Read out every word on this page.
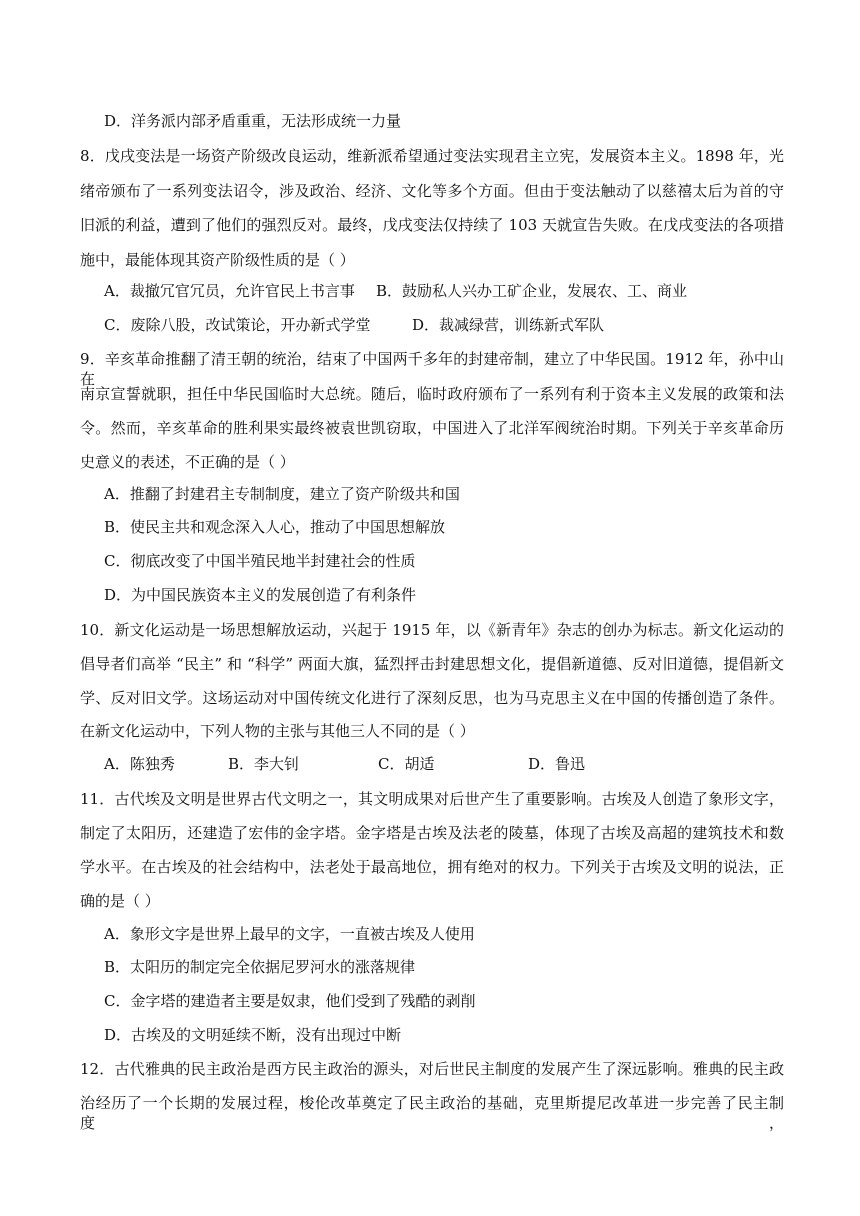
D．洋务派内部矛盾重重，无法形成统一力量
8．戊戌变法是一场资产阶级改良运动，维新派希望通过变法实现君主立宪，发展资本主义。1898 年，光
绪帝颁布了一系列变法诏令，涉及政治、经济、文化等多个方面。但由于变法触动了以慈禧太后为首的守
旧派的利益，遭到了他们的强烈反对。最终，戊戌变法仅持续了 103 天就宣告失败。在戊戌变法的各项措
施中，最能体现其资产阶级性质的是（ ）
A．裁撤冗官冗员，允许官民上书言事 B．鼓励私人兴办工矿企业，发展农、工、商业
C．废除八股，改试策论，开办新式学堂	D．裁减绿营，训练新式军队
9．辛亥革命推翻了清王朝的统治，结束了中国两千多年的封建帝制，建立了中华民国。1912 年，孙中山在
南京宣誓就职，担任中华民国临时大总统。随后，临时政府颁布了一系列有利于资本主义发展的政策和法
令。然而，辛亥革命的胜利果实最终被袁世凯窃取，中国进入了北洋军阀统治时期。下列关于辛亥革命历
史意义的表述，不正确的是（ ）
A．推翻了封建君主专制制度，建立了资产阶级共和国
B．使民主共和观念深入人心，推动了中国思想解放
C．彻底改变了中国半殖民地半封建社会的性质
D．为中国民族资本主义的发展创造了有利条件
10．新文化运动是一场思想解放运动，兴起于 1915 年，以《新青年》杂志的创办为标志。新文化运动的
倡导者们高举 “民主” 和 “科学” 两面大旗，猛烈抨击封建思想文化，提倡新道德、反对旧道德，提倡新文
学、反对旧文学。这场运动对中国传统文化进行了深刻反思，也为马克思主义在中国的传播创造了条件。
在新文化运动中，下列人物的主张与其他三人不同的是（ ）
A．陈独秀	B．李大钊	C．胡适	D．鲁迅
11．古代埃及文明是世界古代文明之一，其文明成果对后世产生了重要影响。古埃及人创造了象形文字，
制定了太阳历，还建造了宏伟的金字塔。金字塔是古埃及法老的陵墓，体现了古埃及高超的建筑技术和数
学水平。在古埃及的社会结构中，法老处于最高地位，拥有绝对的权力。下列关于古埃及文明的说法，正
确的是（ ）
A．象形文字是世界上最早的文字，一直被古埃及人使用
B．太阳历的制定完全依据尼罗河水的涨落规律
C．金字塔的建造者主要是奴隶，他们受到了残酷的剥削
D．古埃及的文明延续不断，没有出现过中断
12．古代雅典的民主政治是西方民主政治的源头，对后世民主制度的发展产生了深远影响。雅典的民主政
治经历了一个长期的发展过程，梭伦改革奠定了民主政治的基础，克里斯提尼改革进一步完善了民主制度，
